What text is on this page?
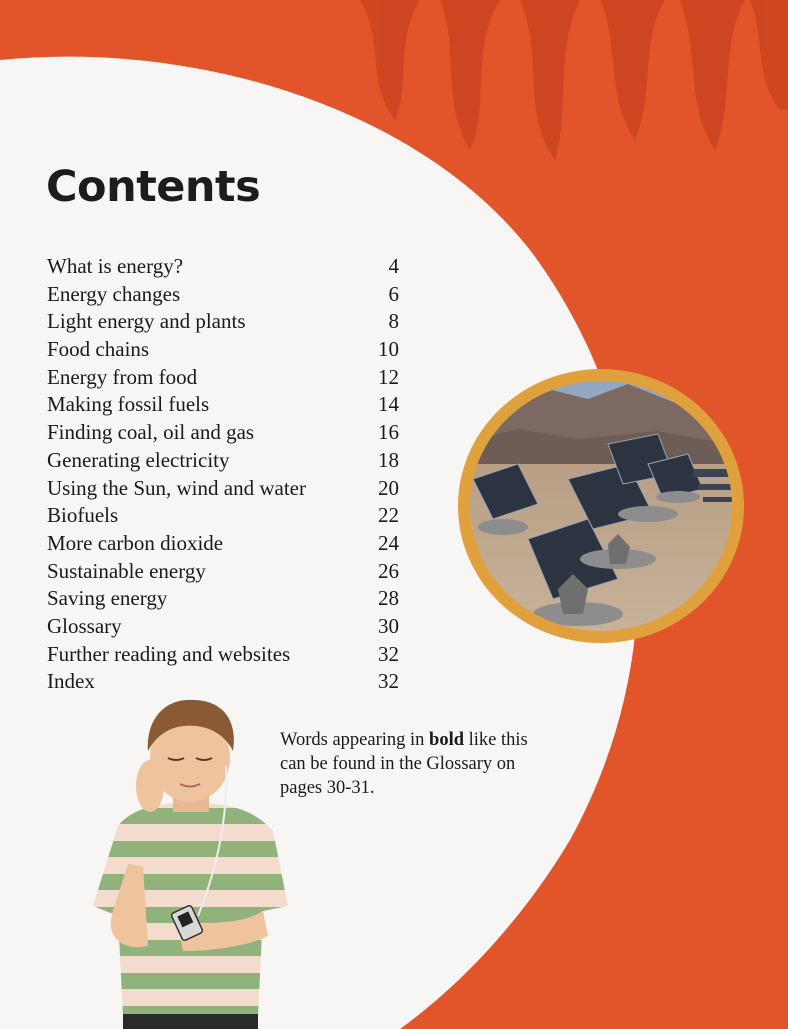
Contents
What is energy?	4
Energy changes	6
Light energy and plants	8
Food chains	10
Energy from food	12
Making fossil fuels	14
Finding coal, oil and gas	16
Generating electricity	18
Using the Sun, wind and water	20
Biofuels	22
More carbon dioxide	24
Sustainable energy	26
Saving energy	28
Glossary	30
Further reading and websites	32
Index	32
Words appearing in bold like this can be found in the Glossary on pages 30-31.
